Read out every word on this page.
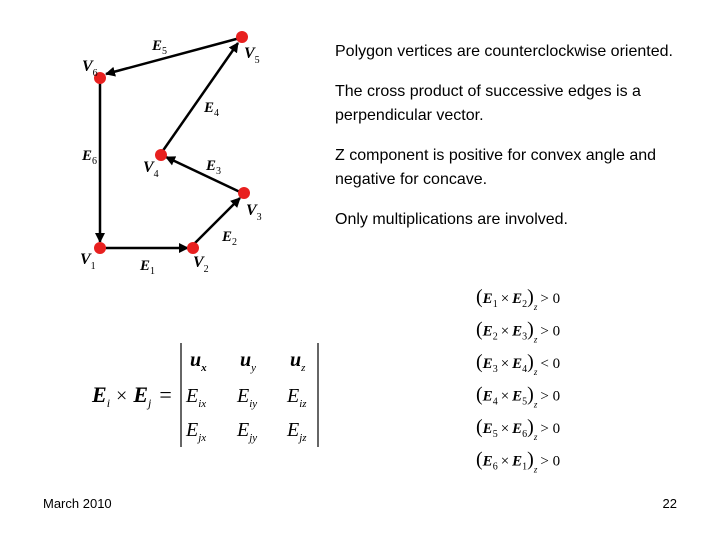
$V_1$	$V_2$
$V_3$
$V_4$
$V_5$
$V_6$
$E_1$
$E_2$
$E_3$
$E_4$
$E_5$
$E_6$
$E_i \times E_j$ =
$u_x$ $u_y$ $u_z$
$E_{ix}$ $E_{iy}$ $E_{iz}$
$E_{jx}$ $E_{jy}$ $E_{jz}$
$(E_1 \times E_2)_z > 0$
$(E_2 \times E_3)_z > 0$
$(E_3 \times E_4)_z < 0$
$(E_4 \times E_5)_z > 0$
$(E_5 \times E_6)_z > 0$
$(E_6 \times E_1)_z > 0$

Polygon vertices are counterclockwise oriented.

The cross product of successive edges is a perpendicular vector.

Z component is positive for convex angle and negative for concave.

Only multiplications are involved.

March 2010	22
